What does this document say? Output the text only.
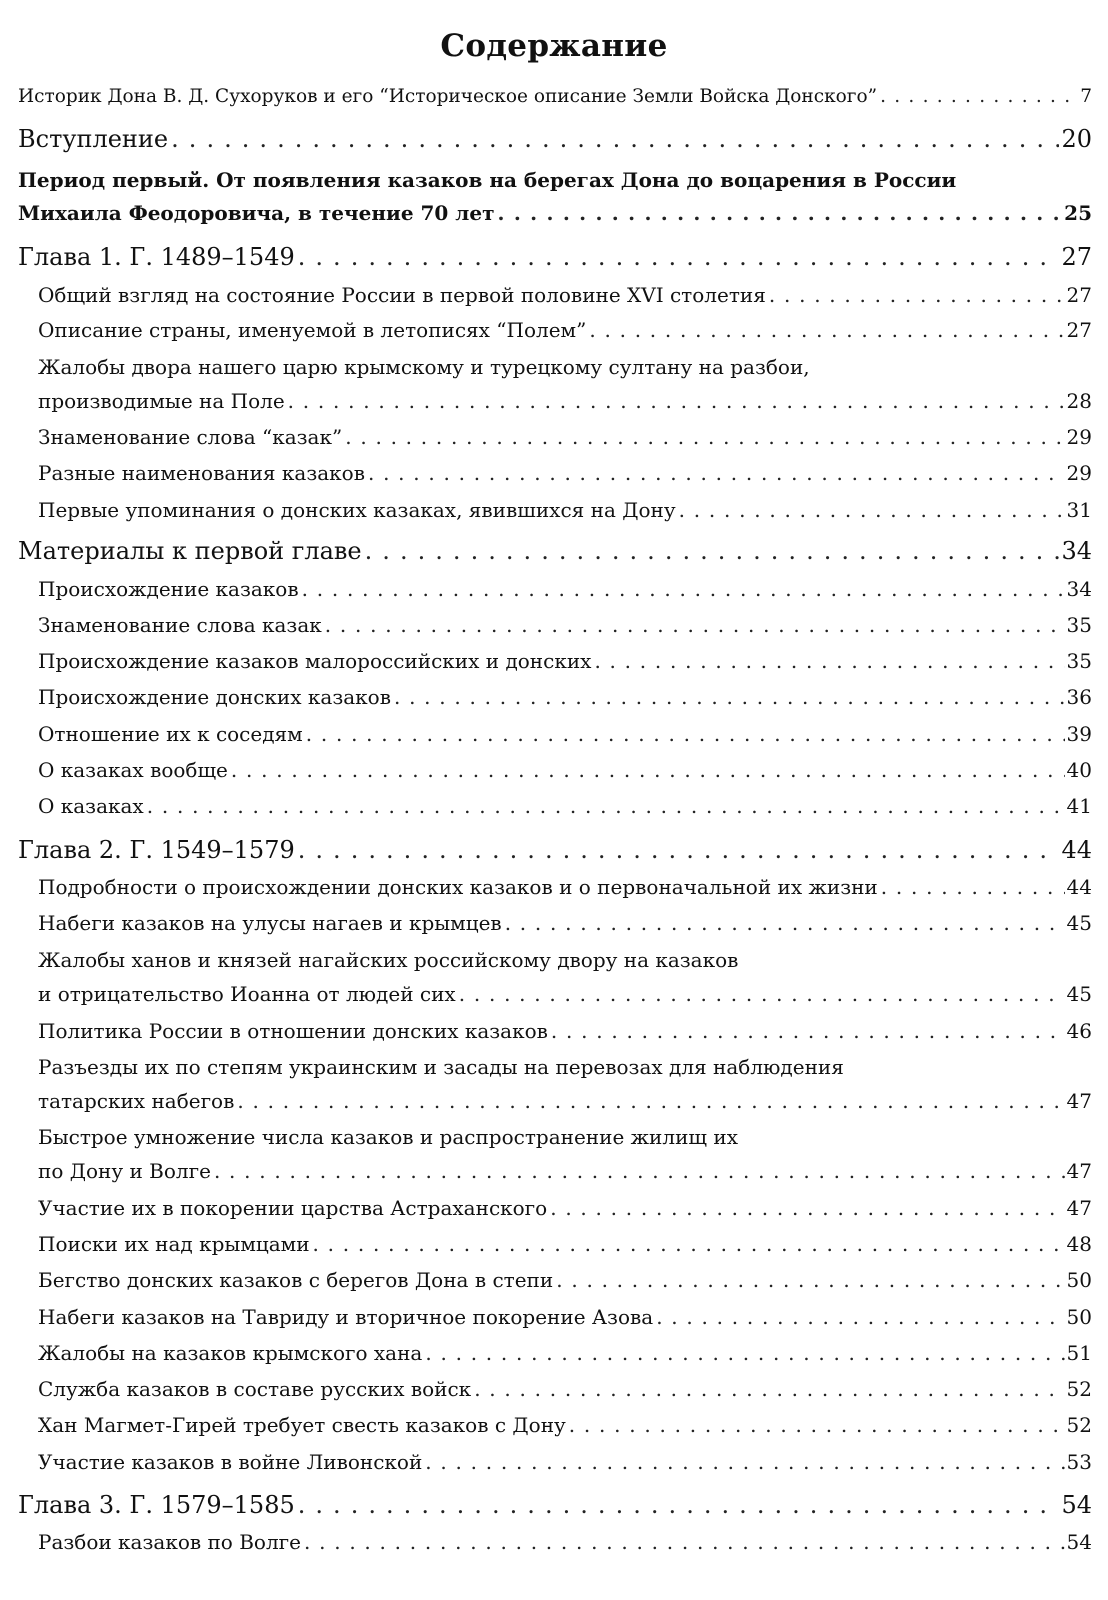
Содержание
Историк Дона В. Д. Сухоруков и его “Историческое описание Земли Войска Донского” . . .	7
Вступление . . .	20
Период первый. От появления казаков на берегах Дона до воцарения в России
Михаила Феодоровича, в течение 70 лет . . .	25
Глава 1. Г. 1489–1549 . . .	27
Общий взгляд на состояние России в первой половине XVI столетия . . .	27
Описание страны, именуемой в летописях “Полем” . . .	27
Жалобы двора нашего царю крымскому и турецкому султану на разбои,
производимые на Поле . . .	28
Знаменование слова “казак” . . .	29
Разные наименования казаков . . .	29
Первые упоминания о донских казаках, явившихся на Дону . . .	31
Материалы к первой главе . . .	34
Происхождение казаков . . .	34
Знаменование слова казак . . .	35
Происхождение казаков малороссийских и донских . . .	35
Происхождение донских казаков . . .	36
Отношение их к соседям . . .	39
О казаках вообще . . .	40
О казаках . . .	41
Глава 2. Г. 1549–1579 . . .	44
Подробности о происхождении донских казаков и о первоначальной их жизни . . .	44
Набеги казаков на улусы нагаев и крымцев . . .	45
Жалобы ханов и князей нагайских российскому двору на казаков
и отрицательство Иоанна от людей сих . . .	45
Политика России в отношении донских казаков . . .	46
Разъезды их по степям украинским и засады на перевозах для наблюдения
татарских набегов . . .	47
Быстрое умножение числа казаков и распространение жилищ их
по Дону и Волге . . .	47
Участие их в покорении царства Астраханского . . .	47
Поиски их над крымцами . . .	48
Бегство донских казаков с берегов Дона в степи . . .	50
Набеги казаков на Тавриду и вторичное покорение Азова . . .	50
Жалобы на казаков крымского хана . . .	51
Служба казаков в составе русских войск . . .	52
Хан Магмет-Гирей требует свесть казаков с Дону . . .	52
Участие казаков в войне Ливонской . . .	53
Глава 3. Г. 1579–1585 . . .	54
Разбои казаков по Волге . . .	54
